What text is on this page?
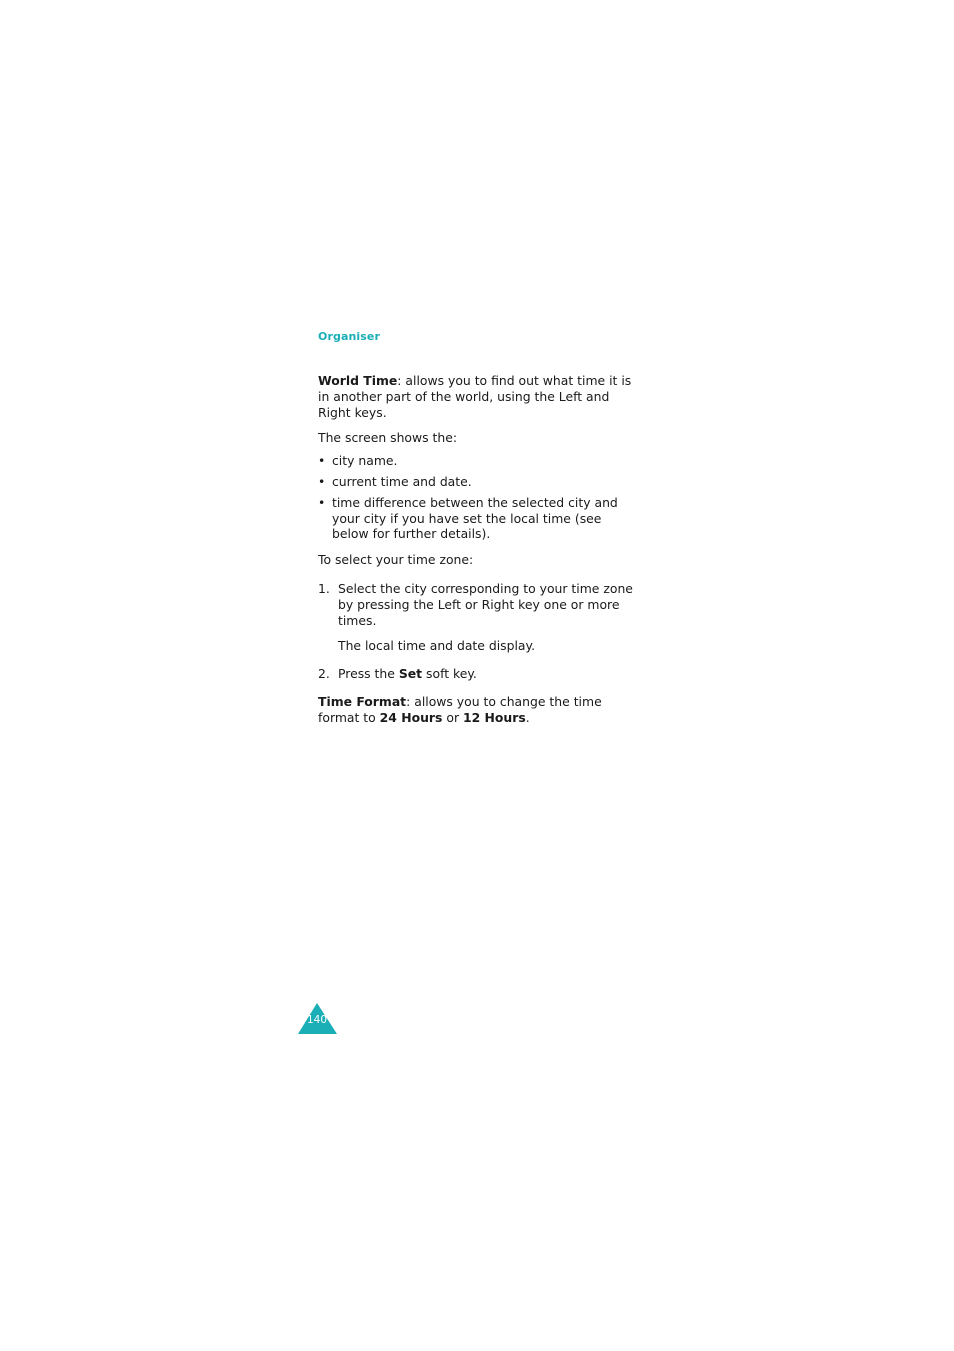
Organiser

World Time: allows you to find out what time it is in another part of the world, using the Left and Right keys.

The screen shows the:

• city name.
• current time and date.
• time difference between the selected city and your city if you have set the local time (see below for further details).

To select your time zone:

1. Select the city corresponding to your time zone by pressing the Left or Right key one or more times.
The local time and date display.
2. Press the Set soft key.

Time Format: allows you to change the time format to 24 Hours or 12 Hours.

140
